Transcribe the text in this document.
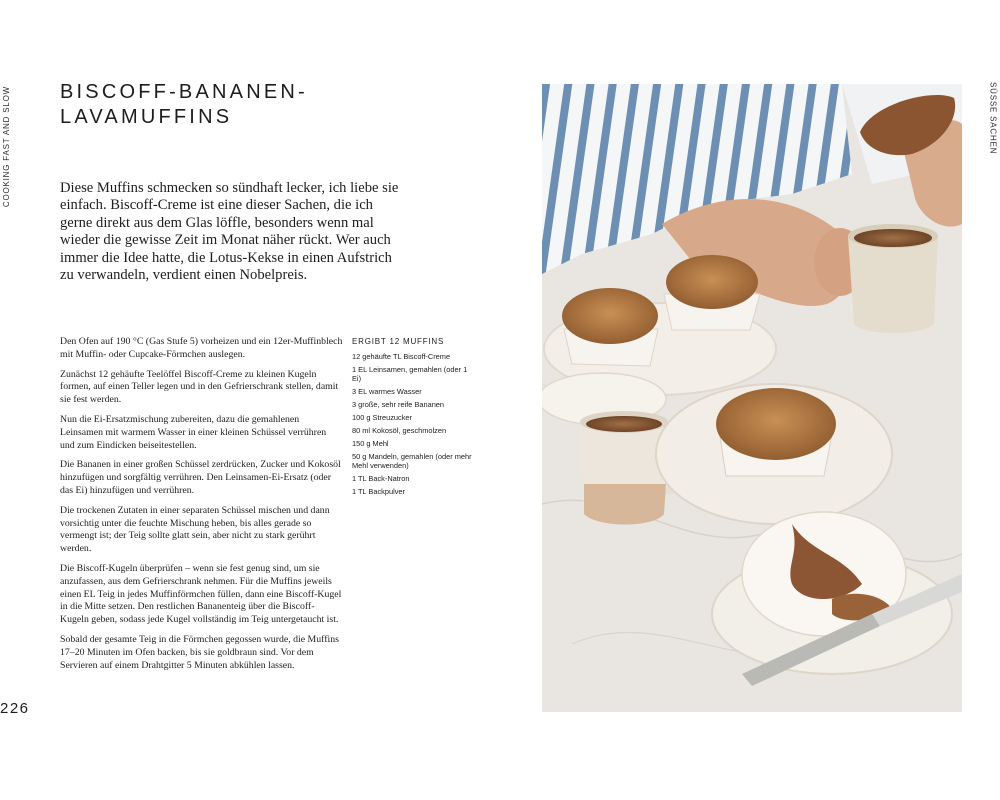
COOKING FAST AND SLOW	SÜSSE SACHEN
BISCOFF-BANANEN-
LAVAMUFFINS

Diese Muffins schmecken so sündhaft lecker, ich liebe sie einfach. Biscoff-Creme ist eine dieser Sachen, die ich gerne direkt aus dem Glas löffle, besonders wenn mal wieder die gewisse Zeit im Monat näher rückt. Wer auch immer die Idee hatte, die Lotus-Kekse in einen Aufstrich zu verwandeln, verdient einen Nobelpreis.

Den Ofen auf 190 °C (Gas Stufe 5) vorheizen und ein 12er-Muffinblech mit Muffin- oder Cupcake-Förmchen auslegen.

Zunächst 12 gehäufte Teelöffel Biscoff-Creme zu kleinen Kugeln formen, auf einen Teller legen und in den Gefrierschrank stellen, damit sie fest werden.

Nun die Ei-Ersatzmischung zubereiten, dazu die gemahlenen Leinsamen mit warmem Wasser in einer kleinen Schüssel verrühren und zum Eindicken beiseitestellen.

Die Bananen in einer großen Schüssel zerdrücken, Zucker und Kokosöl hinzufügen und sorgfältig verrühren. Den Leinsamen-Ei-Ersatz (oder das Ei) hinzufügen und verrühren.

Die trockenen Zutaten in einer separaten Schüssel mischen und dann vorsichtig unter die feuchte Mischung heben, bis alles gerade so vermengt ist; der Teig sollte glatt sein, aber nicht zu stark gerührt werden.

Die Biscoff-Kugeln überprüfen – wenn sie fest genug sind, um sie anzufassen, aus dem Gefrierschrank nehmen. Für die Muffins jeweils einen EL Teig in jedes Muffinförmchen füllen, dann eine Biscoff-Kugel in die Mitte setzen. Den restlichen Bananenteig über die Biscoff-Kugeln geben, sodass jede Kugel vollständig im Teig untergetaucht ist.

Sobald der gesamte Teig in die Förmchen gegossen wurde, die Muffins 17–20 Minuten im Ofen backen, bis sie goldbraun sind. Vor dem Servieren auf einem Drahtgitter 5 Minuten abkühlen lassen.

ERGIBT 12 MUFFINS
12 gehäufte TL Biscoff-Creme
1 EL Leinsamen, gemahlen (oder 1 Ei)
3 EL warmes Wasser
3 große, sehr reife Bananen
100 g Streuzucker
80 ml Kokosöl, geschmolzen
150 g Mehl
50 g Mandeln, gemahlen (oder mehr Mehl verwenden)
1 TL Back-Natron
1 TL Backpulver
226
